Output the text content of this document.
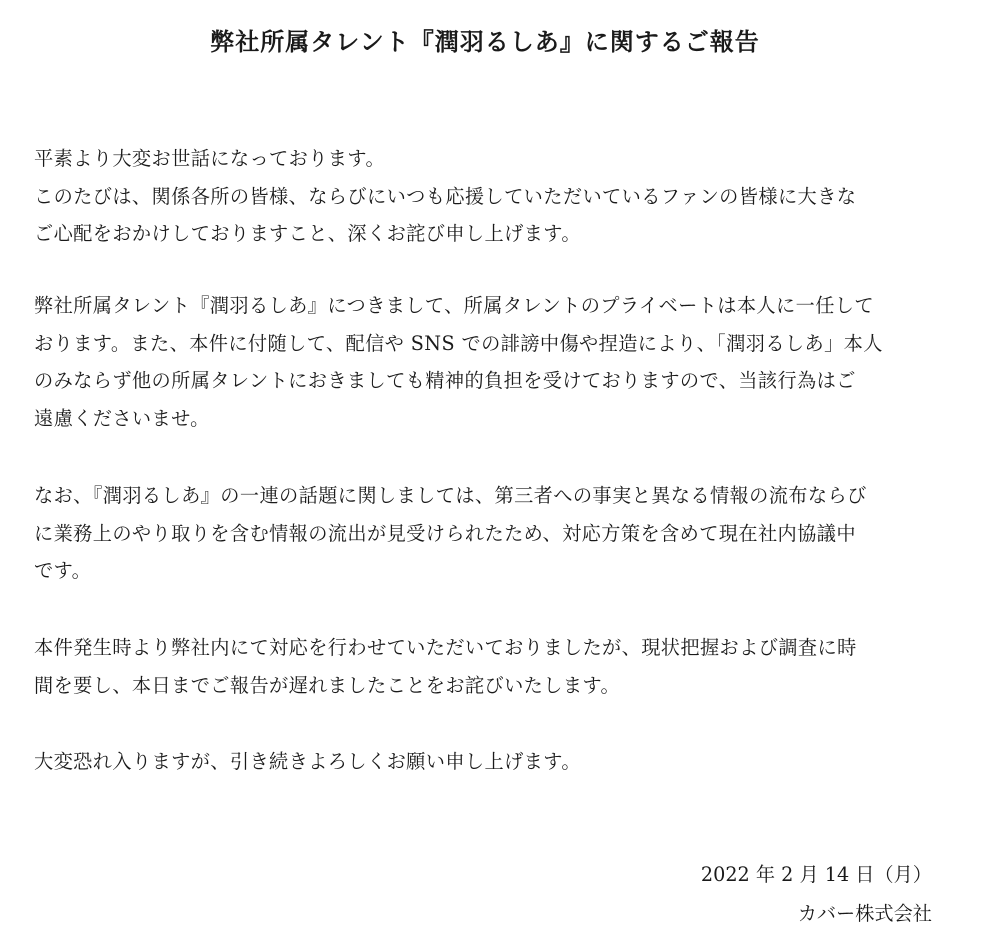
弊社所属タレント『潤羽るしあ』に関するご報告
平素より大変お世話になっております。
このたびは、関係各所の皆様、ならびにいつも応援していただいているファンの皆様に大きな
ご心配をおかけしておりますこと、深くお詫び申し上げます。
弊社所属タレント『潤羽るしあ』につきまして、所属タレントのプライベートは本人に一任して
おります。また、本件に付随して、配信や SNS での誹謗中傷や捏造により、「潤羽るしあ」本人
のみならず他の所属タレントにおきましても精神的負担を受けておりますので、当該行為はご
遠慮くださいませ。
なお、『潤羽るしあ』の一連の話題に関しましては、第三者への事実と異なる情報の流布ならび
に業務上のやり取りを含む情報の流出が見受けられたため、対応方策を含めて現在社内協議中
です。
本件発生時より弊社内にて対応を行わせていただいておりましたが、現状把握および調査に時
間を要し、本日までご報告が遅れましたことをお詫びいたします。
大変恐れ入りますが、引き続きよろしくお願い申し上げます。
2022 年 2 月 14 日（月）
カバー株式会社
